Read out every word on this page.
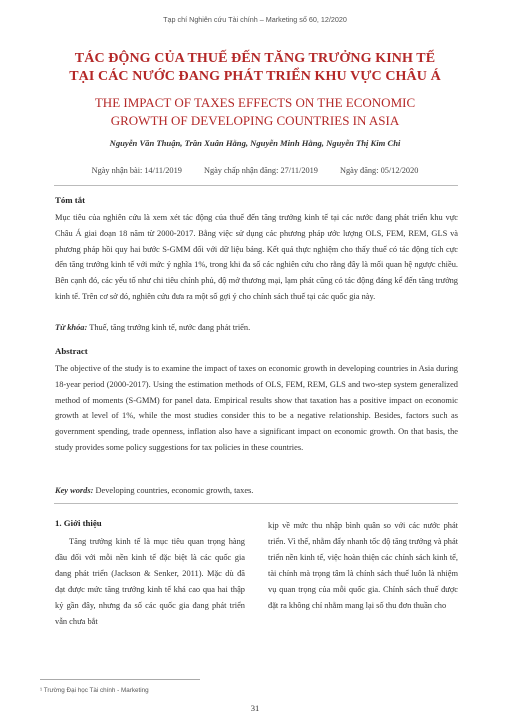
Tạp chí Nghiên cứu Tài chính – Marketing số 60, 12/2020
TÁC ĐỘNG CỦA THUẾ ĐẾN TĂNG TRƯỞNG KINH TẾ
TẠI CÁC NƯỚC ĐANG PHÁT TRIỂN KHU VỰC CHÂU Á
THE IMPACT OF TAXES EFFECTS ON THE ECONOMIC
GROWTH OF DEVELOPING COUNTRIES IN ASIA
Nguyễn Văn Thuận, Trần Xuân Hằng, Nguyễn Minh Hằng, Nguyễn Thị Kim Chi
Ngày nhận bài: 14/11/2019	Ngày chấp nhận đăng: 27/11/2019	Ngày đăng: 05/12/2020
Tóm tắt

Mục tiêu của nghiên cứu là xem xét tác động của thuế đến tăng trưởng kinh tế tại các nước đang phát triển khu vực Châu Á giai đoạn 18 năm từ 2000-2017. Bằng việc sử dụng các phương pháp ước lượng OLS, FEM, REM, GLS và phương pháp hồi quy hai bước S-GMM đối với dữ liệu bảng. Kết quả thực nghiệm cho thấy thuế có tác động tích cực đến tăng trưởng kinh tế với mức ý nghĩa 1%, trong khi đa số các nghiên cứu cho rằng đây là mối quan hệ ngược chiều. Bên cạnh đó, các yếu tố như chi tiêu chính phủ, độ mở thương mại, lạm phát cũng có tác động đáng kể đến tăng trưởng kinh tế. Trên cơ sở đó, nghiên cứu đưa ra một số gợi ý cho chính sách thuế tại các quốc gia này.

Từ khóa: Thuế, tăng trưởng kinh tế, nước đang phát triển.
Abstract

The objective of the study is to examine the impact of taxes on economic growth in developing countries in Asia during 18-year period (2000-2017). Using the estimation methods of OLS, FEM, REM, GLS and two-step system generalized method of moments (S-GMM) for panel data. Empirical results show that taxation has a positive impact on economic growth at level of 1%, while the most studies consider this to be a negative relationship. Besides, factors such as government spending, trade openness, inflation also have a significant impact on economic growth. On that basis, the study provides some policy suggestions for tax policies in these countries.

Key words: Developing countries, economic growth, taxes.
1. Giới thiệu

Tăng trưởng kinh tế là mục tiêu quan trọng hàng đầu đối với mỗi nền kinh tế đặc biệt là các quốc gia đang phát triển (Jackson & Senker, 2011). Mặc dù đã đạt được mức tăng trưởng kinh tế khá cao qua hai thập kỷ gần đây, nhưng đa số các quốc gia đang phát triển vẫn chưa bắt

kịp về mức thu nhập bình quân so với các nước phát triển. Vì thế, nhằm đẩy nhanh tốc độ tăng trưởng và phát triển nền kinh tế, việc hoàn thiện các chính sách kinh tế, tài chính mà trọng tâm là chính sách thuế luôn là nhiệm vụ quan trọng của mỗi quốc gia. Chính sách thuế được đặt ra không chỉ nhằm mang lại số thu đơn thuần cho

¹ Trường Đại học Tài chính - Marketing
31
